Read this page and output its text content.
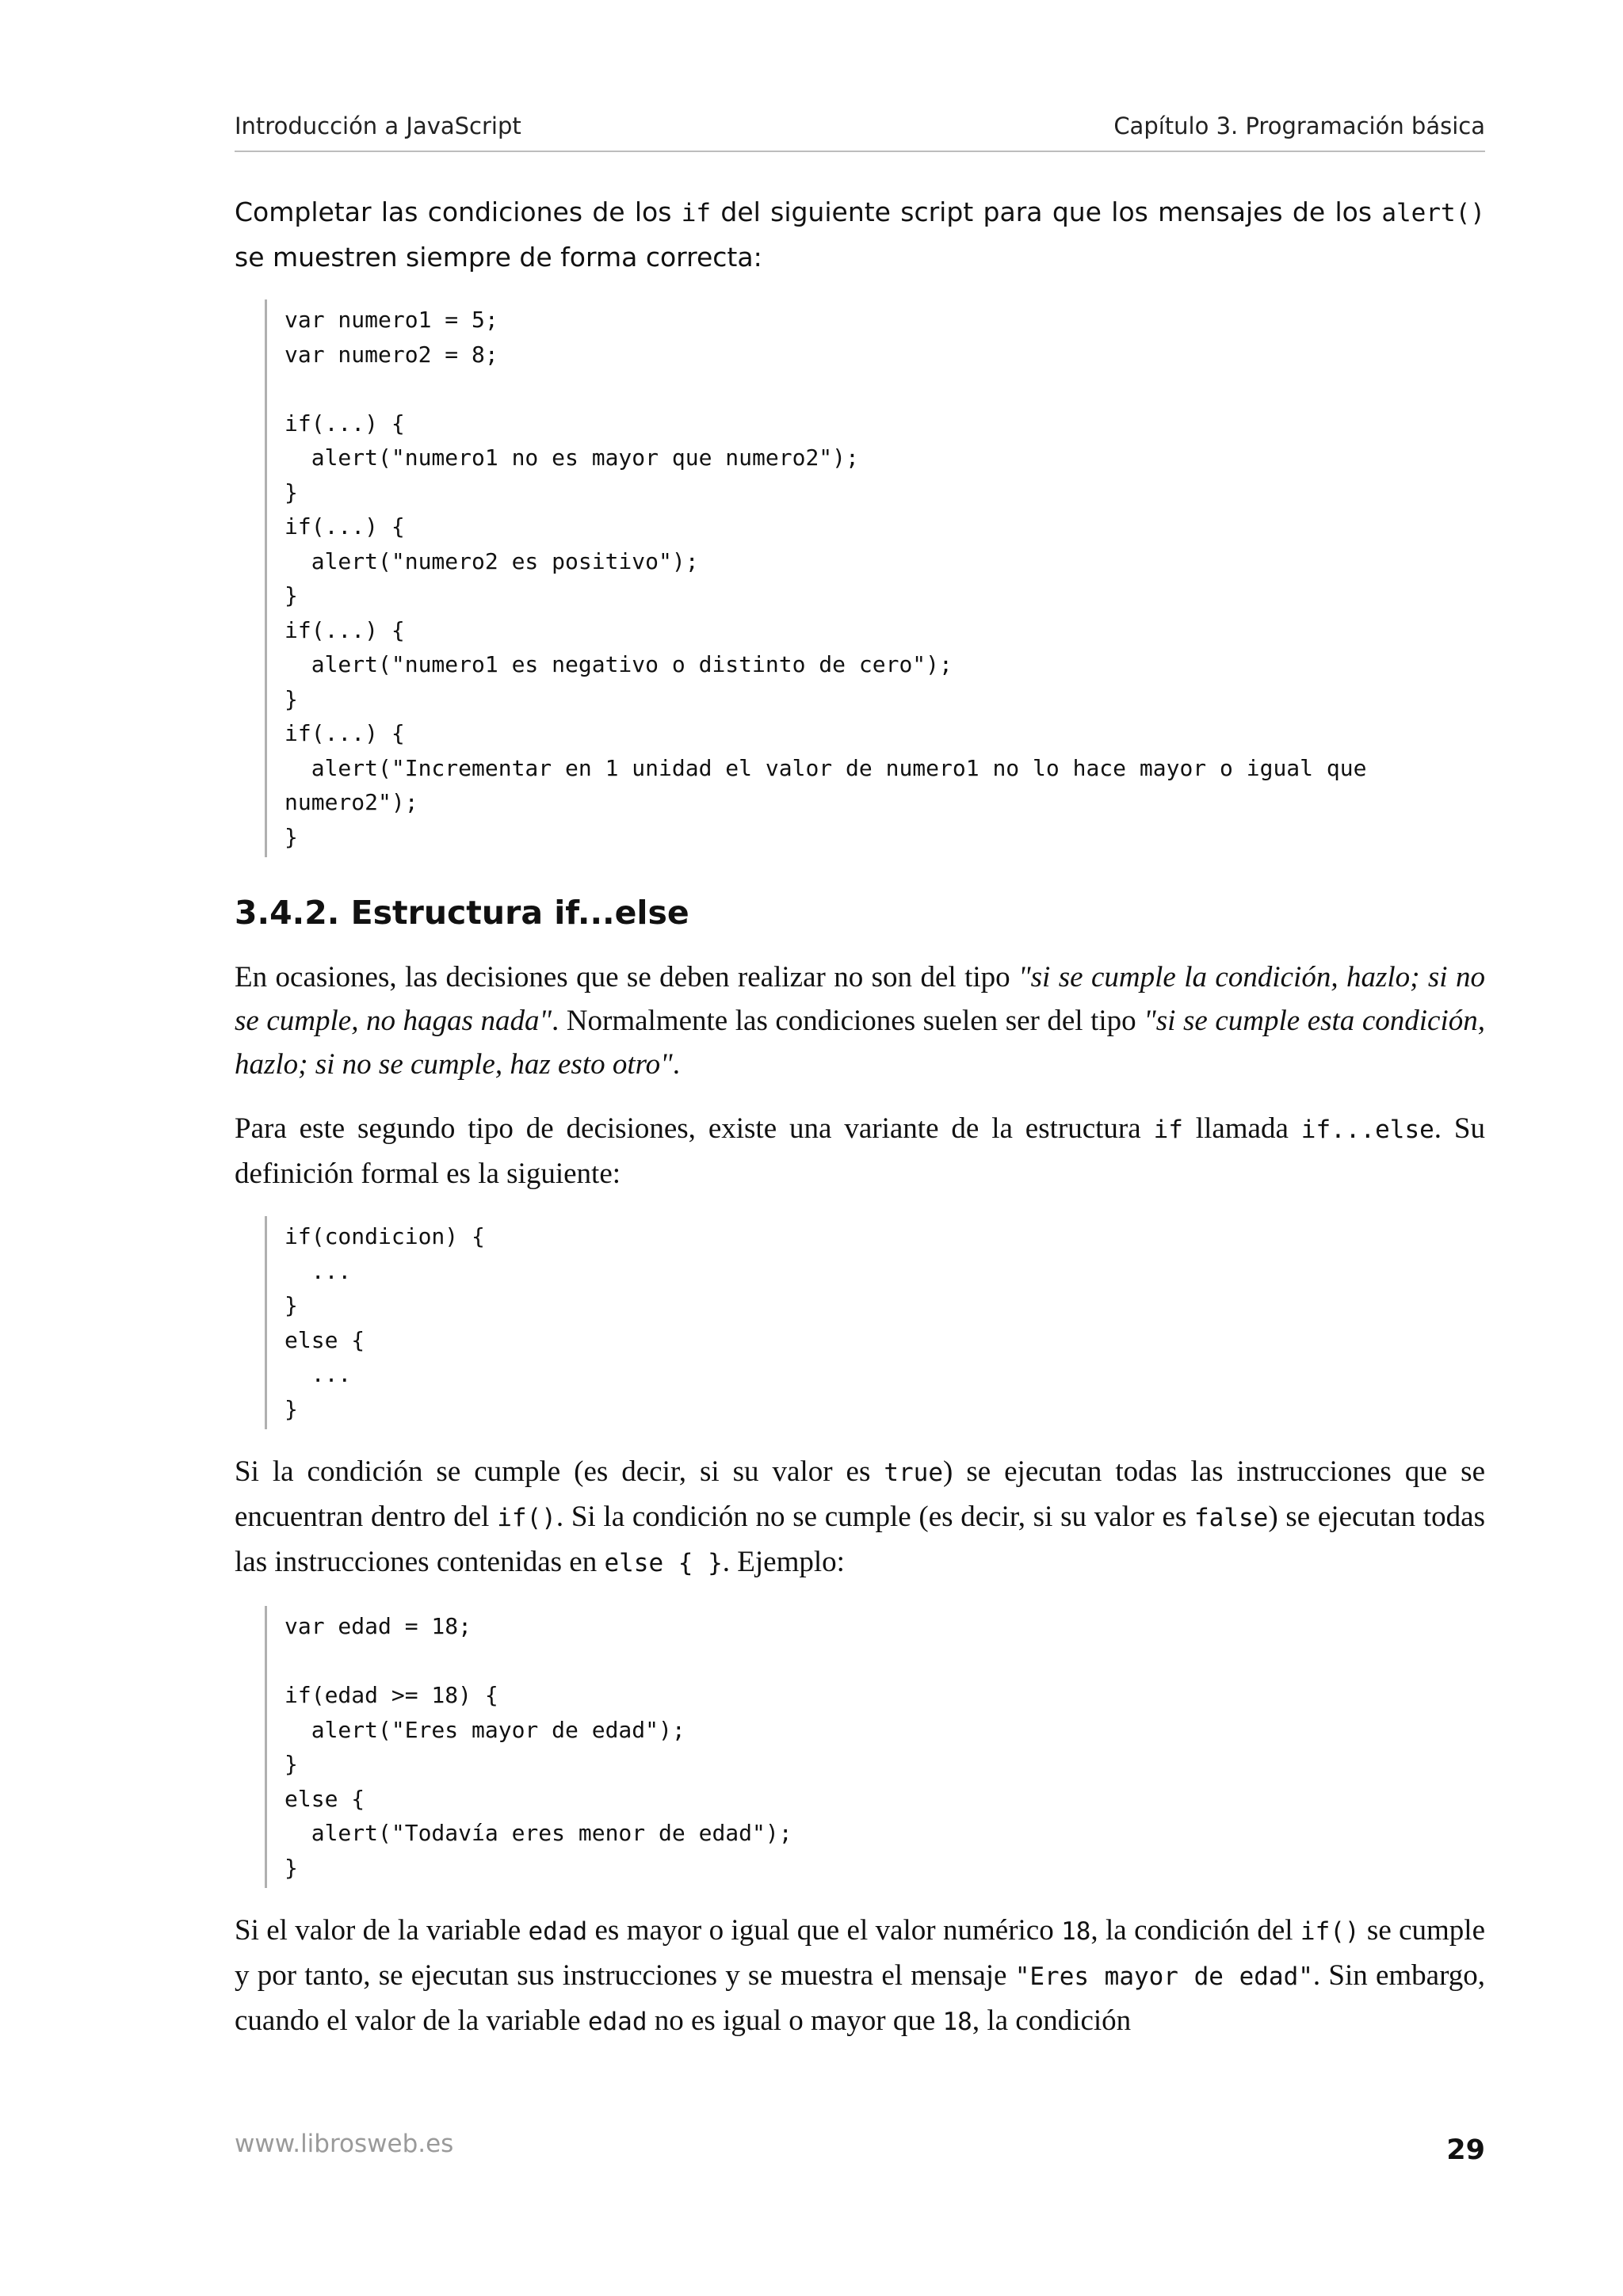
Introducción a JavaScript	Capítulo 3. Programación básica

Completar las condiciones de los if del siguiente script para que los mensajes de los alert() se muestren siempre de forma correcta:

var numero1 = 5;
var numero2 = 8;

if(...) {
alert("numero1 no es mayor que numero2");
}
if(...) {
alert("numero2 es positivo");
}
if(...) {
alert("numero1 es negativo o distinto de cero");
}
if(...) {
alert("Incrementar en 1 unidad el valor de numero1 no lo hace mayor o igual que
numero2");
}
3.4.2. Estructura if...else

En ocasiones, las decisiones que se deben realizar no son del tipo "si se cumple la condición, hazlo; si no se cumple, no hagas nada". Normalmente las condiciones suelen ser del tipo "si se cumple esta condición, hazlo; si no se cumple, haz esto otro".

Para este segundo tipo de decisiones, existe una variante de la estructura if llamada if...else. Su definición formal es la siguiente:

if(condicion) {
...
}
else {
...
}

Si la condición se cumple (es decir, si su valor es true) se ejecutan todas las instrucciones que se encuentran dentro del if(). Si la condición no se cumple (es decir, si su valor es false) se ejecutan todas las instrucciones contenidas en else { }. Ejemplo:

var edad = 18;

if(edad >= 18) {
alert("Eres mayor de edad");
}
else {
alert("Todavía eres menor de edad");
}

Si el valor de la variable edad es mayor o igual que el valor numérico 18, la condición del if() se cumple y por tanto, se ejecutan sus instrucciones y se muestra el mensaje "Eres mayor de edad". Sin embargo, cuando el valor de la variable edad no es igual o mayor que 18, la condición

www.librosweb.es	29
